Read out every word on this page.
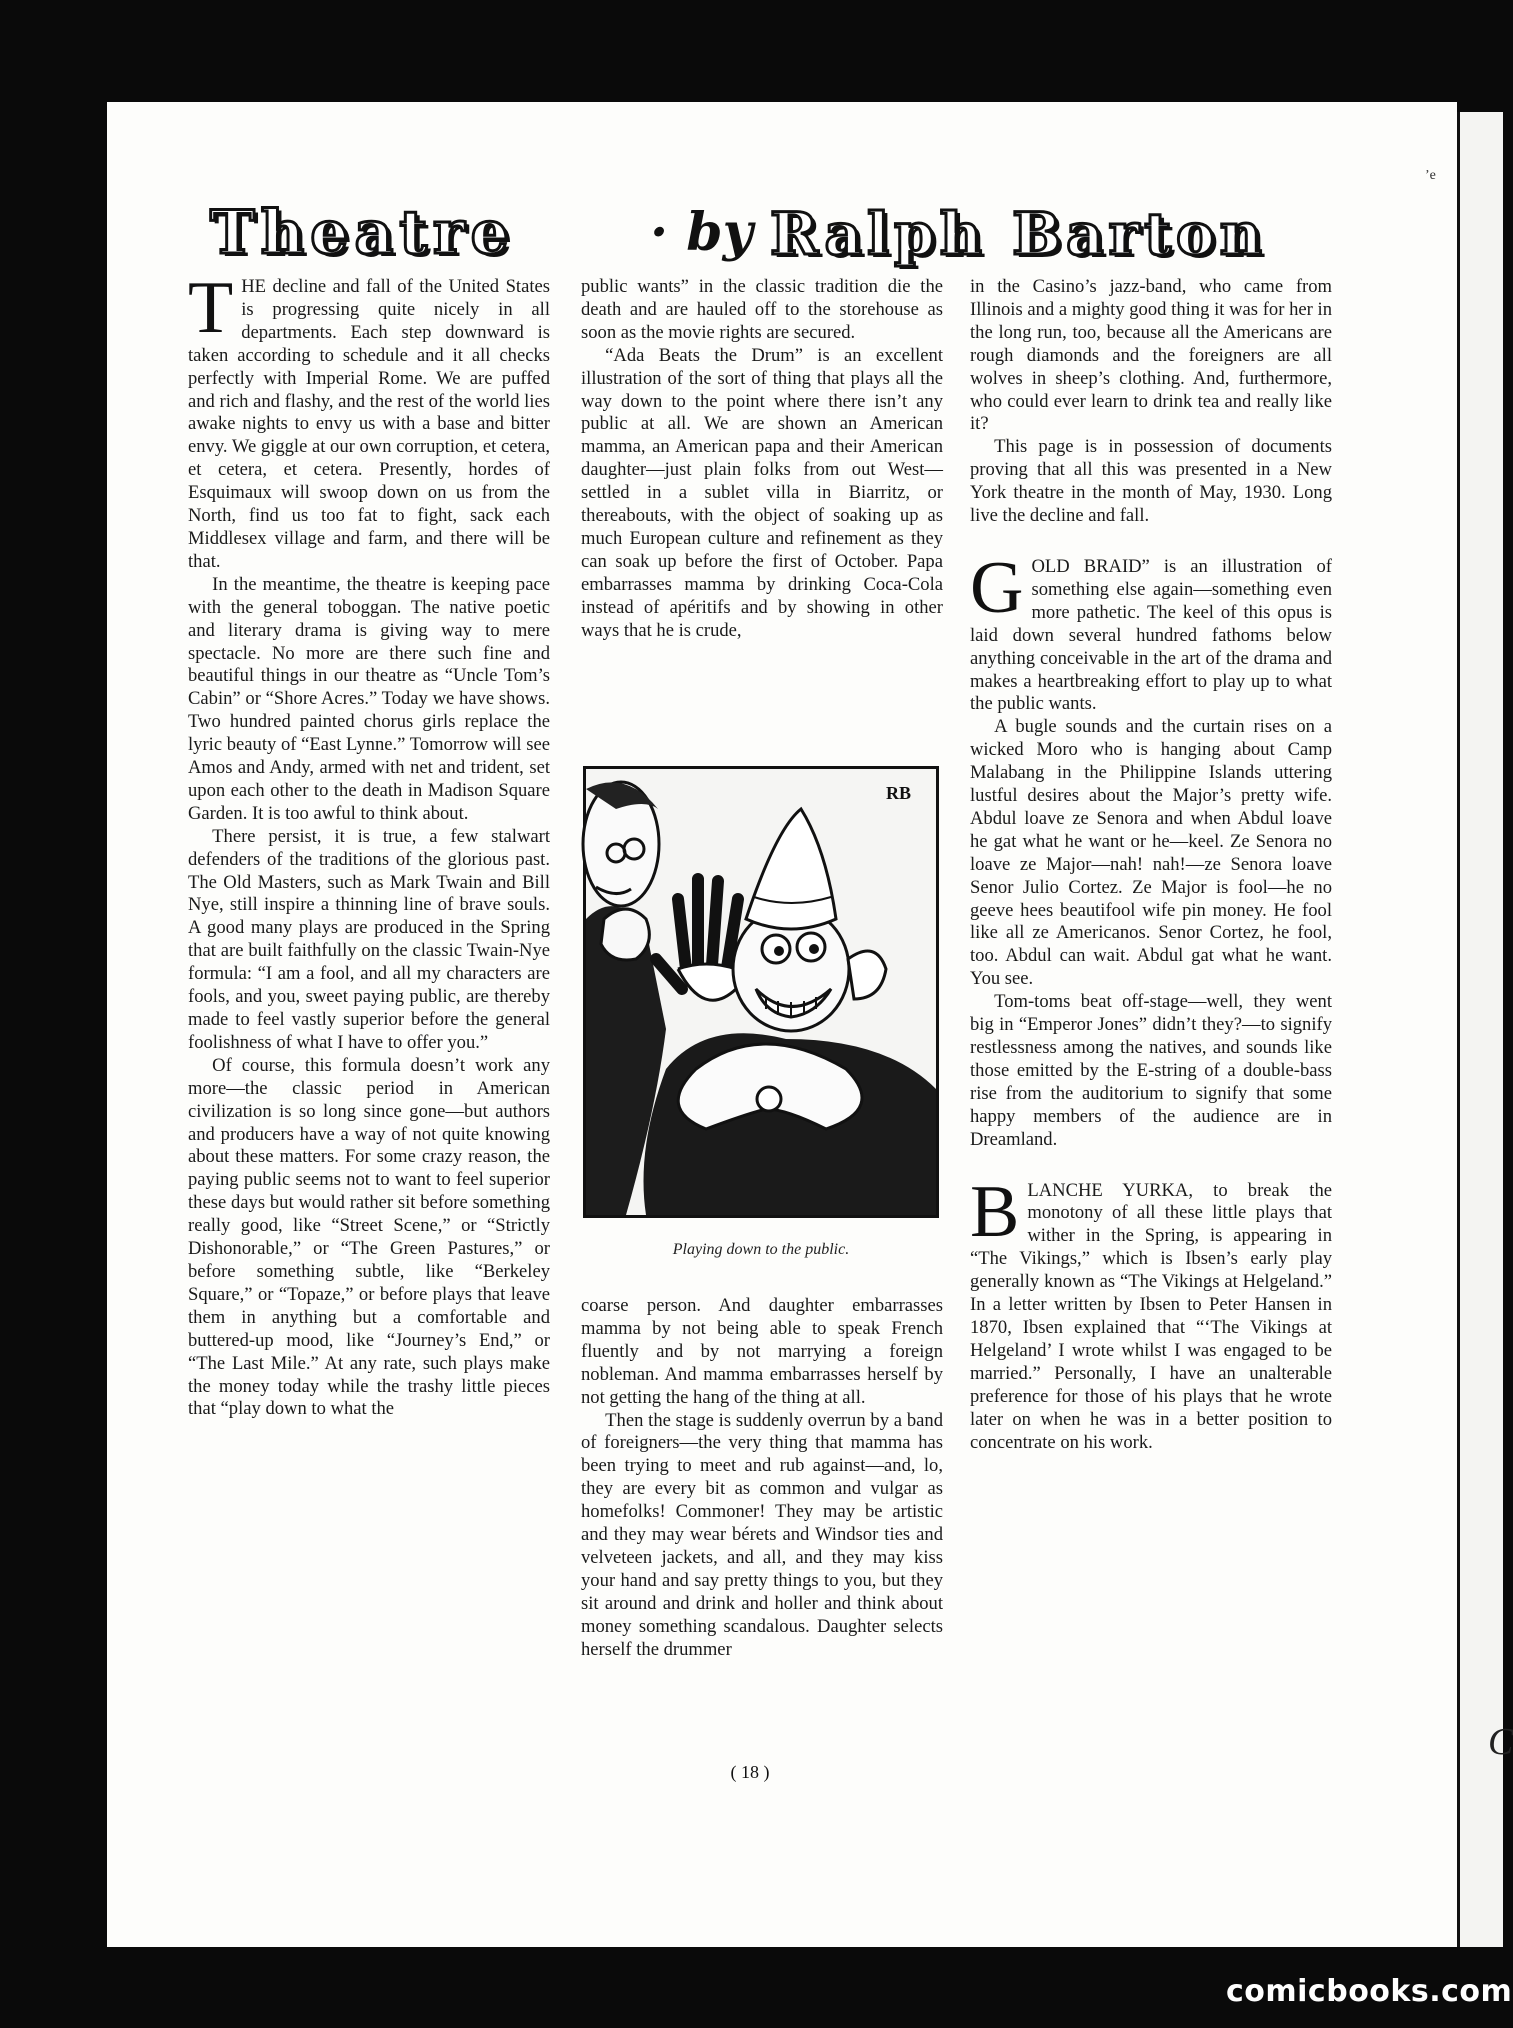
C
’e
Theatre	· by Ralph Barton

THE decline and fall of the United States is progressing quite nicely in all departments. Each step downward is taken according to schedule and it all checks perfectly with Imperial Rome. We are puffed and rich and flashy, and the rest of the world lies awake nights to envy us with a base and bitter envy. We giggle at our own corruption, et cetera, et cetera, et cetera. Presently, hordes of Esquimaux will swoop down on us from the North, find us too fat to fight, sack each Middlesex village and farm, and there will be that.

In the meantime, the theatre is keeping pace with the general toboggan. The native poetic and literary drama is giving way to mere spectacle. No more are there such fine and beautiful things in our theatre as “Uncle Tom’s Cabin” or “Shore Acres.” Today we have shows. Two hundred painted chorus girls replace the lyric beauty of “East Lynne.” Tomorrow will see Amos and Andy, armed with net and trident, set upon each other to the death in Madison Square Garden. It is too awful to think about.

There persist, it is true, a few stalwart defenders of the traditions of the glorious past. The Old Masters, such as Mark Twain and Bill Nye, still inspire a thinning line of brave souls. A good many plays are produced in the Spring that are built faithfully on the classic Twain-Nye formula: “I am a fool, and all my characters are fools, and you, sweet paying public, are thereby made to feel vastly superior before the general foolishness of what I have to offer you.”

Of course, this formula doesn’t work any more—the classic period in American civilization is so long since gone—but authors and producers have a way of not quite knowing about these matters. For some crazy reason, the paying public seems not to want to feel superior these days but would rather sit before something really good, like “Street Scene,” or “Strictly Dishonorable,” or “The Green Pastures,” or before something subtle, like “Berkeley Square,” or “Topaze,” or before plays that leave them in anything but a comfortable and buttered-up mood, like “Journey’s End,” or “The Last Mile.” At any rate, such plays make the money today while the trashy little pieces that “play down to what the

public wants” in the classic tradition die the death and are hauled off to the storehouse as soon as the movie rights are secured.

“Ada Beats the Drum” is an excellent illustration of the sort of thing that plays all the way down to the point where there isn’t any public at all. We are shown an American mamma, an American papa and their American daughter—just plain folks from out West—settled in a sublet villa in Biarritz, or thereabouts, with the object of soaking up as much European culture and refinement as they can soak up before the first of October. Papa embarrasses mamma by drinking Coca-Cola instead of apéritifs and by showing in other ways that he is crude,

RB
Playing down to the public.

coarse person. And daughter embarrasses mamma by not being able to speak French fluently and by not marrying a foreign nobleman. And mamma embarrasses herself by not getting the hang of the thing at all.

Then the stage is suddenly overrun by a band of foreigners—the very thing that mamma has been trying to meet and rub against—and, lo, they are every bit as common and vulgar as homefolks! Commoner! They may be artistic and they may wear bérets and Windsor ties and velveteen jackets, and all, and they may kiss your hand and say pretty things to you, but they sit around and drink and holler and think about money something scandalous. Daughter selects herself the drummer

in the Casino’s jazz-band, who came from Illinois and a mighty good thing it was for her in the long run, too, because all the Americans are rough diamonds and the foreigners are all wolves in sheep’s clothing. And, furthermore, who could ever learn to drink tea and really like it?

This page is in possession of documents proving that all this was presented in a New York theatre in the month of May, 1930. Long live the decline and fall.

GOLD BRAID” is an illustration of something else again—something even more pathetic. The keel of this opus is laid down several hundred fathoms below anything conceivable in the art of the drama and makes a heartbreaking effort to play up to what the public wants.

A bugle sounds and the curtain rises on a wicked Moro who is hanging about Camp Malabang in the Philippine Islands uttering lustful desires about the Major’s pretty wife. Abdul loave ze Senora and when Abdul loave he gat what he want or he—keel. Ze Senora no loave ze Major—nah! nah!—ze Senora loave Senor Julio Cortez. Ze Major is fool—he no geeve hees beautifool wife pin money. He fool like all ze Americanos. Senor Cortez, he fool, too. Abdul can wait. Abdul gat what he want. You see.

Tom-toms beat off-stage—well, they went big in “Emperor Jones” didn’t they?—to signify restlessness among the natives, and sounds like those emitted by the E-string of a double-bass rise from the auditorium to signify that some happy members of the audience are in Dreamland.

BLANCHE YURKA, to break the monotony of all these little plays that wither in the Spring, is appearing in “The Vikings,” which is Ibsen’s early play generally known as “The Vikings at Helgeland.” In a letter written by Ibsen to Peter Hansen in 1870, Ibsen explained that “‘The Vikings at Helgeland’ I wrote whilst I was engaged to be married.” Personally, I have an unalterable preference for those of his plays that he wrote later on when he was in a better position to concentrate on his work.

( 18 )
comicbooks.com
